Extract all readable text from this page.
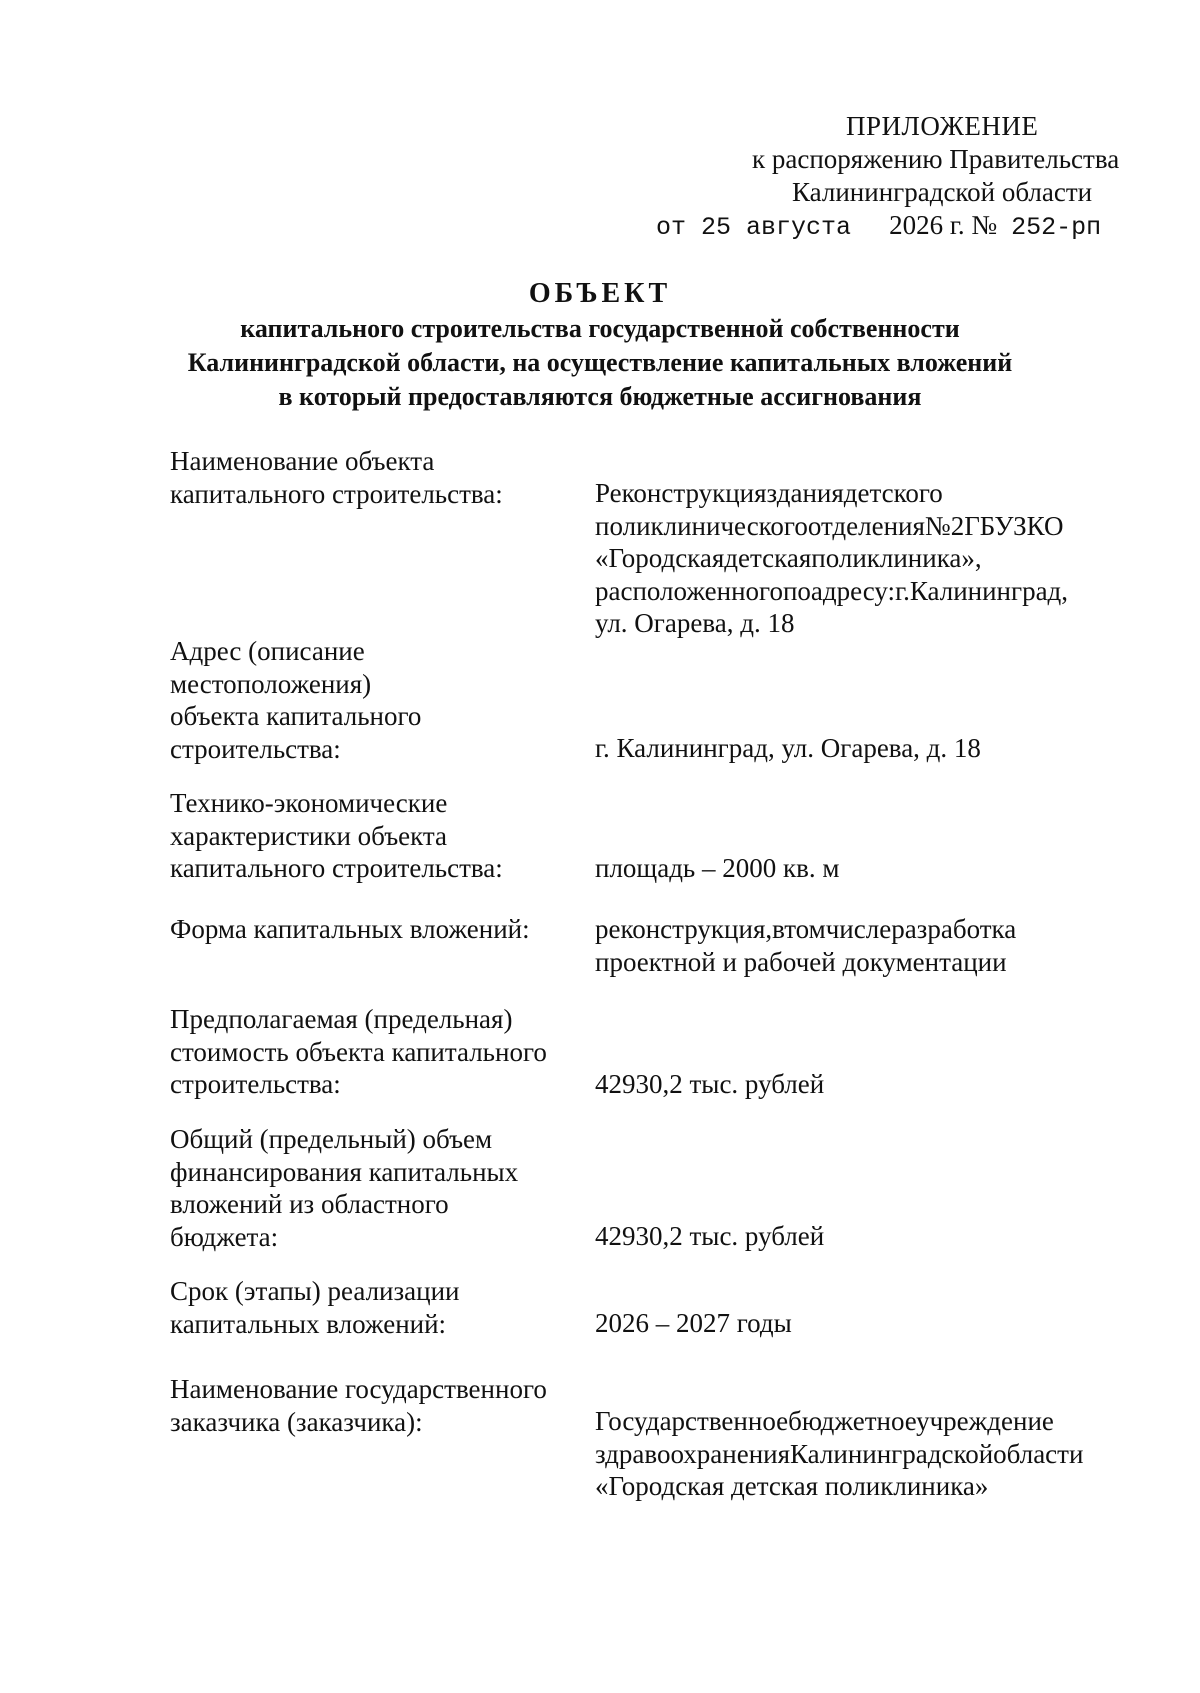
ПРИЛОЖЕНИЕ
к распоряжению Правительства
Калининградской области
от 25 августа 2026 г. № 252-рп
ОБЪЕКТ
капитального строительства государственной собственности
Калининградской области, на осуществление капитальных вложений
в который предоставляются бюджетные ассигнования
Наименование объекта
капитального строительства:	Реконструкциязданиядетского
поликлиническогоотделения№2ГБУЗКО
«Городскаядетскаяполиклиника»,
расположенногопоадресу:г.Калининград,
ул. Огарева, д. 18
Адрес (описание
местоположения)
объекта капитального
строительства:	г. Калининград, ул. Огарева, д. 18
Технико-экономические
характеристики объекта
капитального строительства:	площадь – 2000 кв. м
Форма капитальных вложений:	реконструкция,втомчислеразработка
проектной и рабочей документации
Предполагаемая (предельная)
стоимость объекта капитального
строительства:	42930,2 тыс. рублей
Общий (предельный) объем
финансирования капитальных
вложений из областного
бюджета:	42930,2 тыс. рублей
Срок (этапы) реализации
капитальных вложений:	2026 – 2027 годы
Наименование государственного
заказчика (заказчика):	Государственноебюджетноеучреждение
здравоохраненияКалининградскойобласти
«Городская детская поликлиника»
